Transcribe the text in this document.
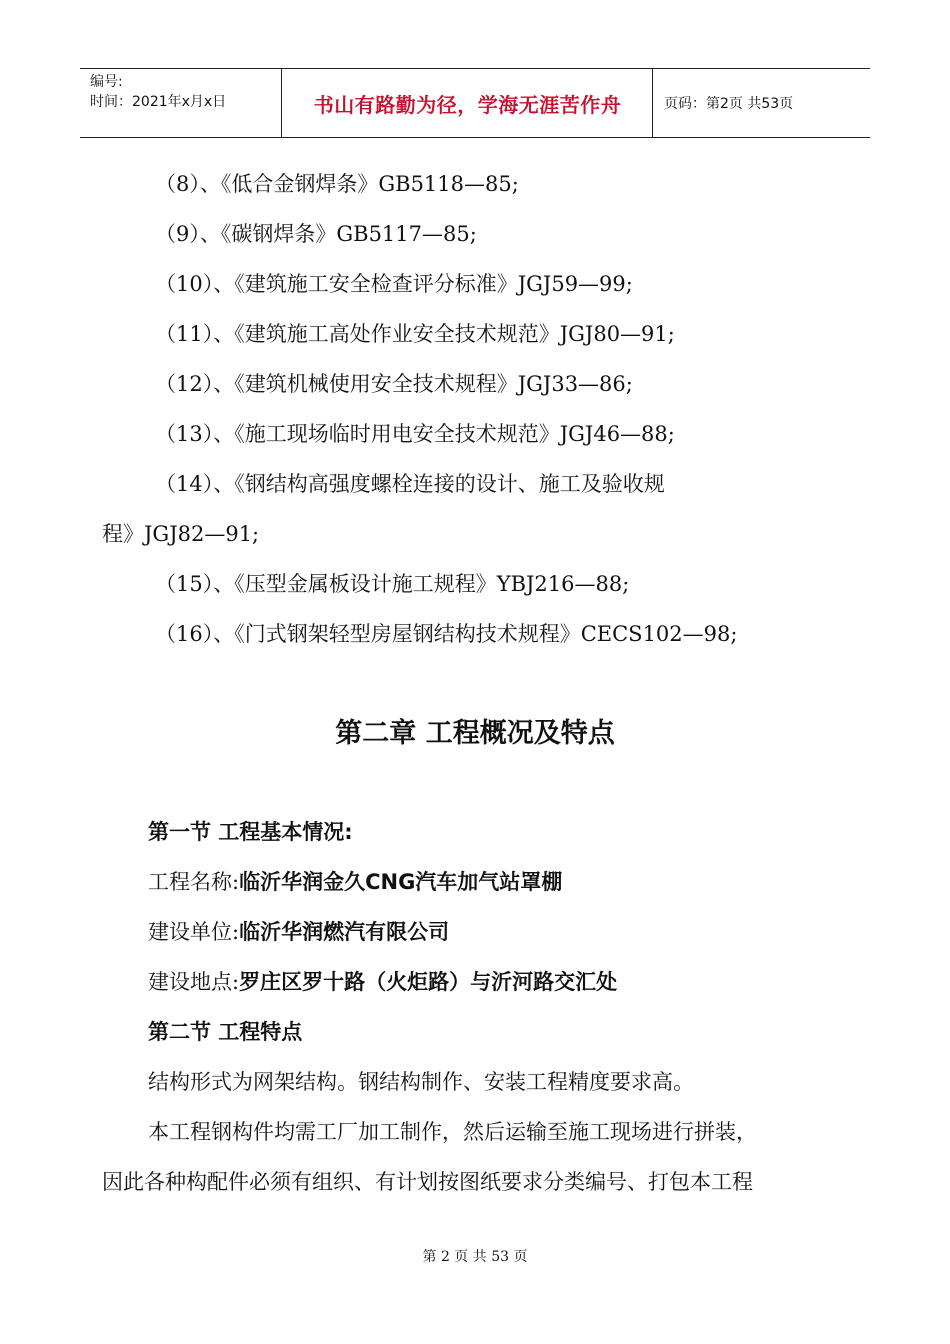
编号:
时间：2021年x月x日	书山有路勤为径，学海无涯苦作舟	页码：第2页 共53页
（8）、《低合金钢焊条》GB5118—85;
（9）、《碳钢焊条》GB5117—85;
（10）、《建筑施工安全检查评分标准》JGJ59—99;
（11）、《建筑施工高处作业安全技术规范》JGJ80—91;
（12）、《建筑机械使用安全技术规程》JGJ33—86;
（13）、《施工现场临时用电安全技术规范》JGJ46—88;
（14）、《钢结构高强度螺栓连接的设计、施工及验收规
程》JGJ82—91;
（15）、《压型金属板设计施工规程》YBJ216—88;
（16）、《门式钢架轻型房屋钢结构技术规程》CECS102—98;
第二章 工程概况及特点
第一节 工程基本情况:
工程名称:临沂华润金久CNG汽车加气站罩棚
建设单位:临沂华润燃汽有限公司
建设地点:罗庄区罗十路（火炬路）与沂河路交汇处
第二节 工程特点
结构形式为网架结构。钢结构制作、安装工程精度要求高。
本工程钢构件均需工厂加工制作，然后运输至施工现场进行拼装，
因此各种构配件必须有组织、有计划按图纸要求分类编号、打包本工程
第 2 页 共 53 页
